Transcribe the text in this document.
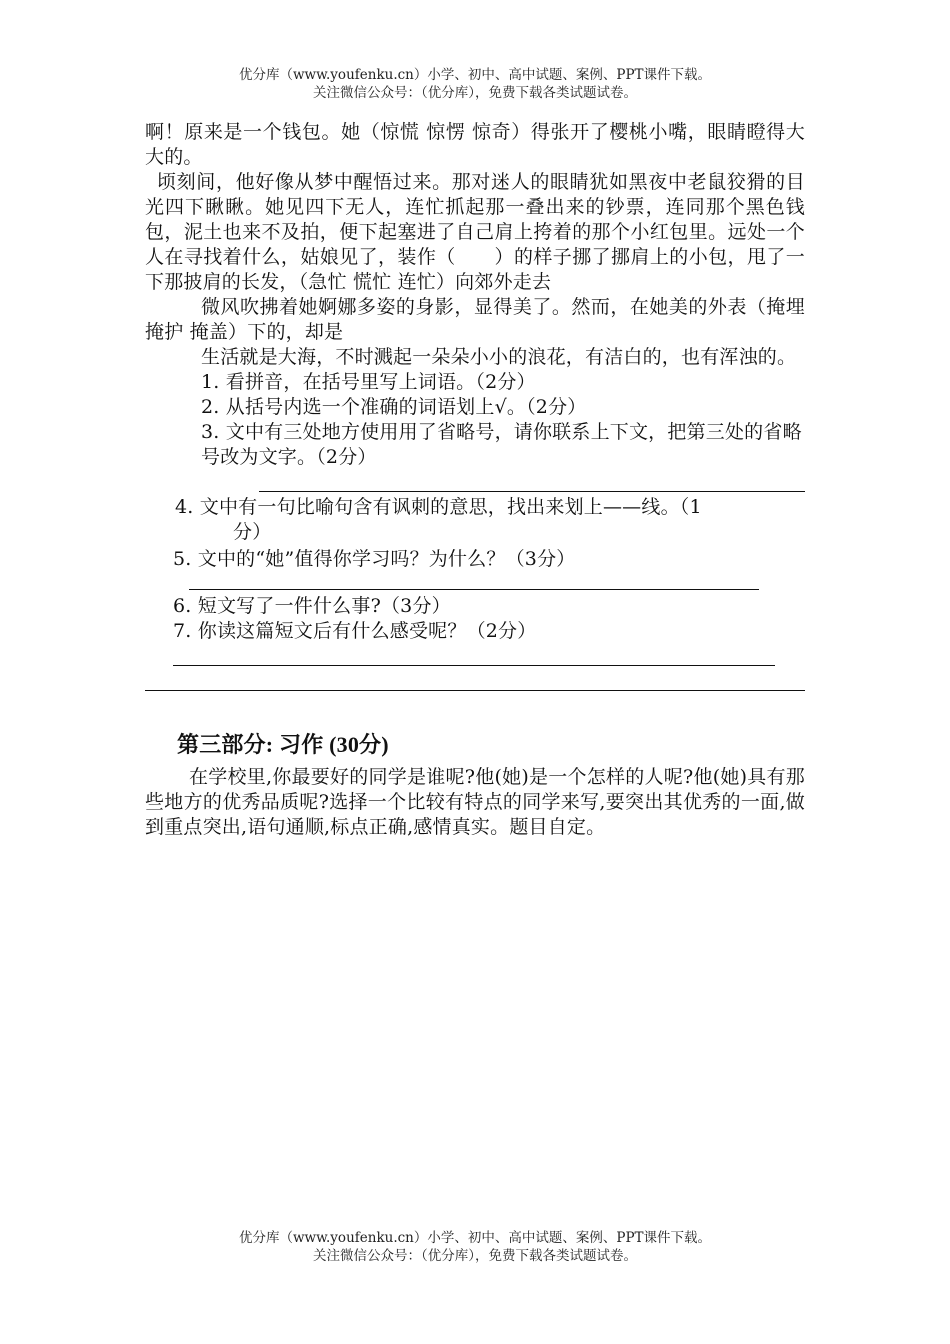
优分库（www.youfenku.cn）小学、初中、高中试题、案例、PPT课件下载。
关注微信公众号：（优分库），免费下载各类试题试卷。

啊！原来是一个钱包。她（惊慌 惊愣 惊奇）得张开了樱桃小嘴，眼睛瞪得大大的。

顷刻间，他好像从梦中醒悟过来。那对迷人的眼睛犹如黑夜中老鼠狡猾的目光四下瞅瞅。她见四下无人，连忙抓起那一叠出来的钞票，连同那个黑色钱包，泥土也来不及拍，便下起塞进了自己肩上挎着的那个小红包里。远处一个人在寻找着什么，姑娘见了，装作（　　）的样子挪了挪肩上的小包，甩了一下那披肩的长发，（急忙 慌忙 连忙）向郊外走去

微风吹拂着她婀娜多姿的身影，显得美了。然而，在她美的外表（掩埋 掩护 掩盖）下的，却是

生活就是大海，不时溅起一朵朵小小的浪花，有洁白的，也有浑浊的。

1. 看拼音，在括号里写上词语。（2分）

2. 从括号内选一个准确的词语划上√。（2分）

3. 文中有三处地方使用用了省略号，请你联系上下文，把第三处的省略号改为文字。（2分）

4. 文中有一句比喻句含有讽刺的意思，找出来划上——线。（1

分）

5. 文中的“她”值得你学习吗？为什么？（3分）

6. 短文写了一件什么事?（3分）

7. 你读这篇短文后有什么感受呢？（2分）

第三部分: 习作 (30分)

在学校里,你最要好的同学是谁呢?他(她)是一个怎样的人呢?他(她)具有那些地方的优秀品质呢?选择一个比较有特点的同学来写,要突出其优秀的一面,做到重点突出,语句通顺,标点正确,感情真实。题目自定。

优分库（www.youfenku.cn）小学、初中、高中试题、案例、PPT课件下载。
关注微信公众号：（优分库），免费下载各类试题试卷。
